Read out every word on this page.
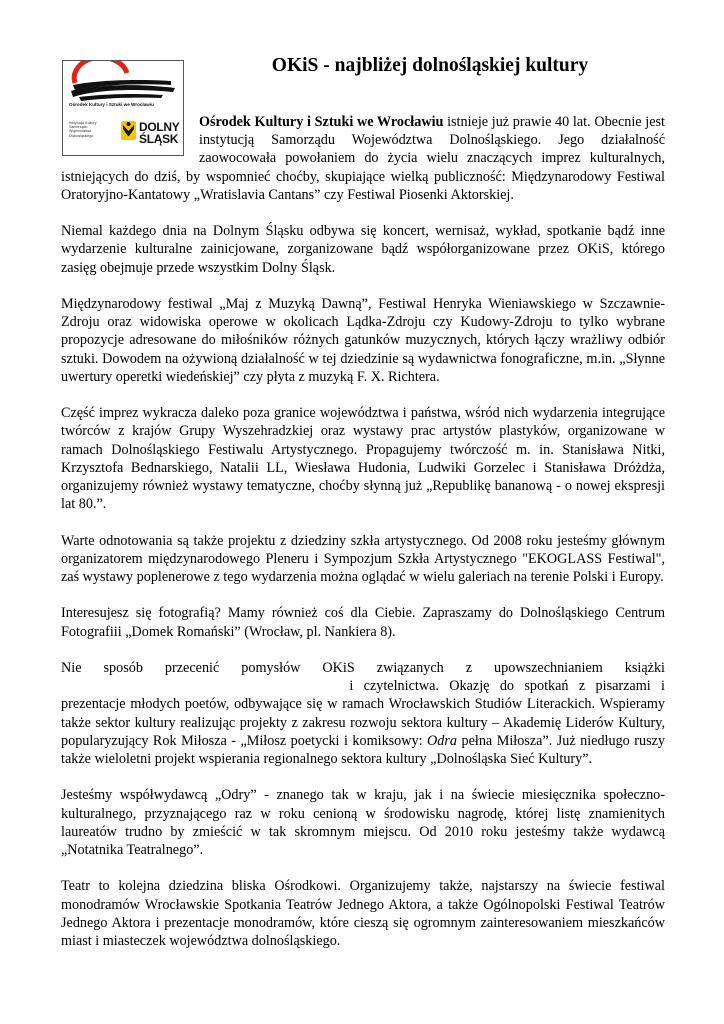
Ośrodek Kultury i Sztuki we Wrocławiu
Instytucja Kultury Samorządu Województwa Dolnośląskiego
DOLNY
ŚLĄSK
OKiS - najbliżej dolnośląskiej kultury

Ośrodek Kultury i Sztuki we Wrocławiu istnieje już prawie 40 lat. Obecnie jest instytucją Samorządu Województwa Dolnośląskiego. Jego działalność zaowocowała powołaniem do życia wielu znaczących imprez kulturalnych, istniejących do dziś, by wspomnieć choćby, skupiające wielką publiczność: Międzynarodowy Festiwal Oratoryjno-Kantatowy „Wratislavia Cantans” czy Festiwal Piosenki Aktorskiej.

Niemal każdego dnia na Dolnym Śląsku odbywa się koncert, wernisaż, wykład, spotkanie bądź inne wydarzenie kulturalne zainicjowane, zorganizowane bądź współorganizowane przez OKiS, którego zasięg obejmuje przede wszystkim Dolny Śląsk.

Międzynarodowy festiwal „Maj z Muzyką Dawną”, Festiwal Henryka Wieniawskiego w Szczawnie-Zdroju oraz widowiska operowe w okolicach Lądka-Zdroju czy Kudowy-Zdroju to tylko wybrane propozycje adresowane do miłośników różnych gatunków muzycznych, których łączy wrażliwy odbiór sztuki. Dowodem na ożywioną działalność w tej dziedzinie są wydawnictwa fonograficzne, m.in. „Słynne uwertury operetki wiedeńskiej” czy płyta z muzyką F. X. Richtera.

Część imprez wykracza daleko poza granice województwa i państwa, wśród nich wydarzenia integrujące twórców z krajów Grupy Wyszehradzkiej oraz wystawy prac artystów plastyków, organizowane w ramach Dolnośląskiego Festiwalu Artystycznego. Propagujemy twórczość m. in. Stanisława Nitki, Krzysztofa Bednarskiego, Natalii LL, Wiesława Hudonia, Ludwiki Gorzelec i Stanisława Dróżdża, organizujemy również wystawy tematyczne, choćby słynną już „Republikę bananową - o nowej ekspresji lat 80.”.

Warte odnotowania są także projektu z dziedziny szkła artystycznego. Od 2008 roku jesteśmy głównym organizatorem międzynarodowego Pleneru i Sympozjum Szkła Artystycznego "EKOGLASS Festiwal", zaś wystawy poplenerowe z tego wydarzenia można oglądać w wielu galeriach na terenie Polski i Europy.

Interesujesz się fotografią? Mamy również coś dla Ciebie. Zapraszamy do Dolnośląskiego Centrum Fotografiii „Domek Romański” (Wrocław, pl. Nankiera 8).

Nie sposób przecenić pomysłów OKiS związanych z upowszechnianiem książki i czytelnictwa. Okazję do spotkań z pisarzami i prezentacje młodych poetów, odbywające się w ramach Wrocławskich Studiów Literackich. Wspieramy także sektor kultury realizując projekty z zakresu rozwoju sektora kultury – Akademię Liderów Kultury, popularyzujący Rok Miłosza - „Miłosz poetycki i komiksowy: Odra pełna Miłosza”. Już niedługo ruszy także wieloletni projekt wspierania regionalnego sektora kultury „Dolnośląska Sieć Kultury”.

Jesteśmy współwydawcą „Odry” - znanego tak w kraju, jak i na świecie miesięcznika społeczno-kulturalnego, przyznającego raz w roku cenioną w środowisku nagrodę, której listę znamienitych laureatów trudno by zmieścić w tak skromnym miejscu. Od 2010 roku jesteśmy także wydawcą „Notatnika Teatralnego”.

Teatr to kolejna dziedzina bliska Ośrodkowi. Organizujemy także, najstarszy na świecie festiwal monodramów Wrocławskie Spotkania Teatrów Jednego Aktora, a także Ogólnopolski Festiwal Teatrów Jednego Aktora i prezentacje monodramów, które cieszą się ogromnym zainteresowaniem mieszkańców miast i miasteczek województwa dolnośląskiego.
